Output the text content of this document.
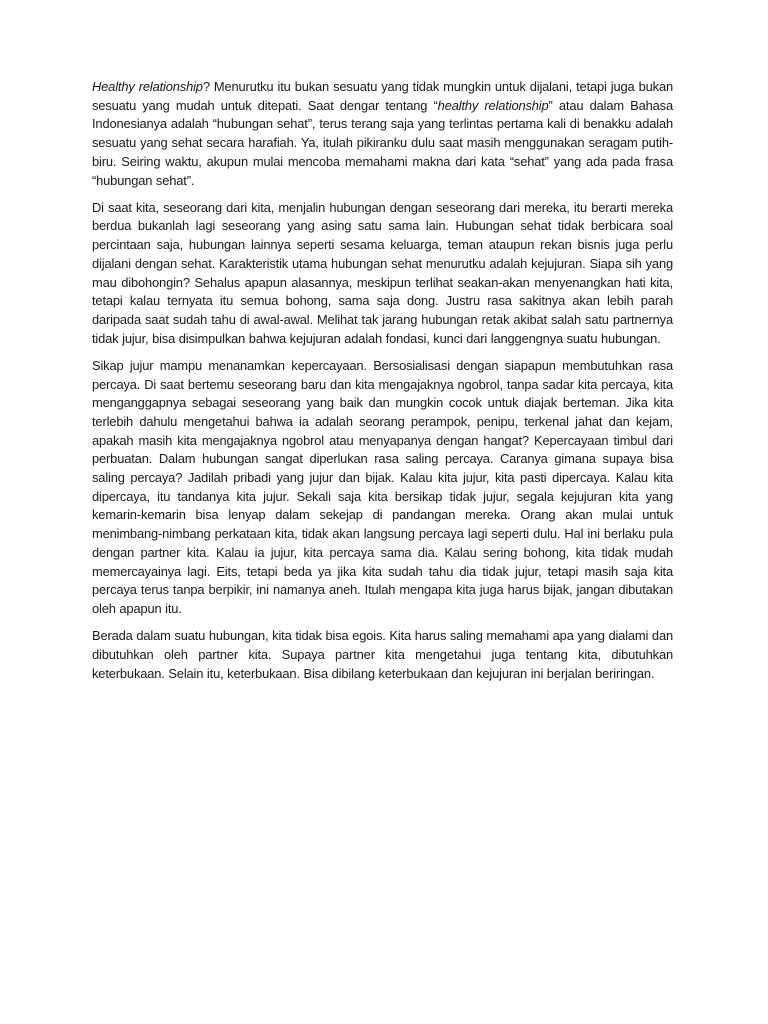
Healthy relationship? Menurutku itu bukan sesuatu yang tidak mungkin untuk dijalani, tetapi juga bukan sesuatu yang mudah untuk ditepati. Saat dengar tentang “healthy relationship” atau dalam Bahasa Indonesianya adalah “hubungan sehat”, terus terang saja yang terlintas pertama kali di benakku adalah sesuatu yang sehat secara harafiah. Ya, itulah pikiranku dulu saat masih menggunakan seragam putih-biru. Seiring waktu, akupun mulai mencoba memahami makna dari kata “sehat” yang ada pada frasa “hubungan sehat”.

Di saat kita, seseorang dari kita, menjalin hubungan dengan seseorang dari mereka, itu berarti mereka berdua bukanlah lagi seseorang yang asing satu sama lain. Hubungan sehat tidak berbicara soal percintaan saja, hubungan lainnya seperti sesama keluarga, teman ataupun rekan bisnis juga perlu dijalani dengan sehat. Karakteristik utama hubungan sehat menurutku adalah kejujuran. Siapa sih yang mau dibohongin? Sehalus apapun alasannya, meskipun terlihat seakan-akan menyenangkan hati kita, tetapi kalau ternyata itu semua bohong, sama saja dong. Justru rasa sakitnya akan lebih parah daripada saat sudah tahu di awal-awal. Melihat tak jarang hubungan retak akibat salah satu partnernya tidak jujur, bisa disimpulkan bahwa kejujuran adalah fondasi, kunci dari langgengnya suatu hubungan.

Sikap jujur mampu menanamkan kepercayaan. Bersosialisasi dengan siapapun membutuhkan rasa percaya. Di saat bertemu seseorang baru dan kita mengajaknya ngobrol, tanpa sadar kita percaya, kita menganggapnya sebagai seseorang yang baik dan mungkin cocok untuk diajak berteman. Jika kita terlebih dahulu mengetahui bahwa ia adalah seorang perampok, penipu, terkenal jahat dan kejam, apakah masih kita mengajaknya ngobrol atau menyapanya dengan hangat? Kepercayaan timbul dari perbuatan. Dalam hubungan sangat diperlukan rasa saling percaya. Caranya gimana supaya bisa saling percaya? Jadilah pribadi yang jujur dan bijak. Kalau kita jujur, kita pasti dipercaya. Kalau kita dipercaya, itu tandanya kita jujur. Sekali saja kita bersikap tidak jujur, segala kejujuran kita yang kemarin-kemarin bisa lenyap dalam sekejap di pandangan mereka. Orang akan mulai untuk menimbang-nimbang perkataan kita, tidak akan langsung percaya lagi seperti dulu. Hal ini berlaku pula dengan partner kita. Kalau ia jujur, kita percaya sama dia. Kalau sering bohong, kita tidak mudah memercayainya lagi. Eits, tetapi beda ya jika kita sudah tahu dia tidak jujur, tetapi masih saja kita percaya terus tanpa berpikir, ini namanya aneh. Itulah mengapa kita juga harus bijak, jangan dibutakan oleh apapun itu.

Berada dalam suatu hubungan, kita tidak bisa egois. Kita harus saling memahami apa yang dialami dan dibutuhkan oleh partner kita. Supaya partner kita mengetahui juga tentang kita, dibutuhkan keterbukaan. Selain itu, keterbukaan. Bisa dibilang keterbukaan dan kejujuran ini berjalan beriringan.
